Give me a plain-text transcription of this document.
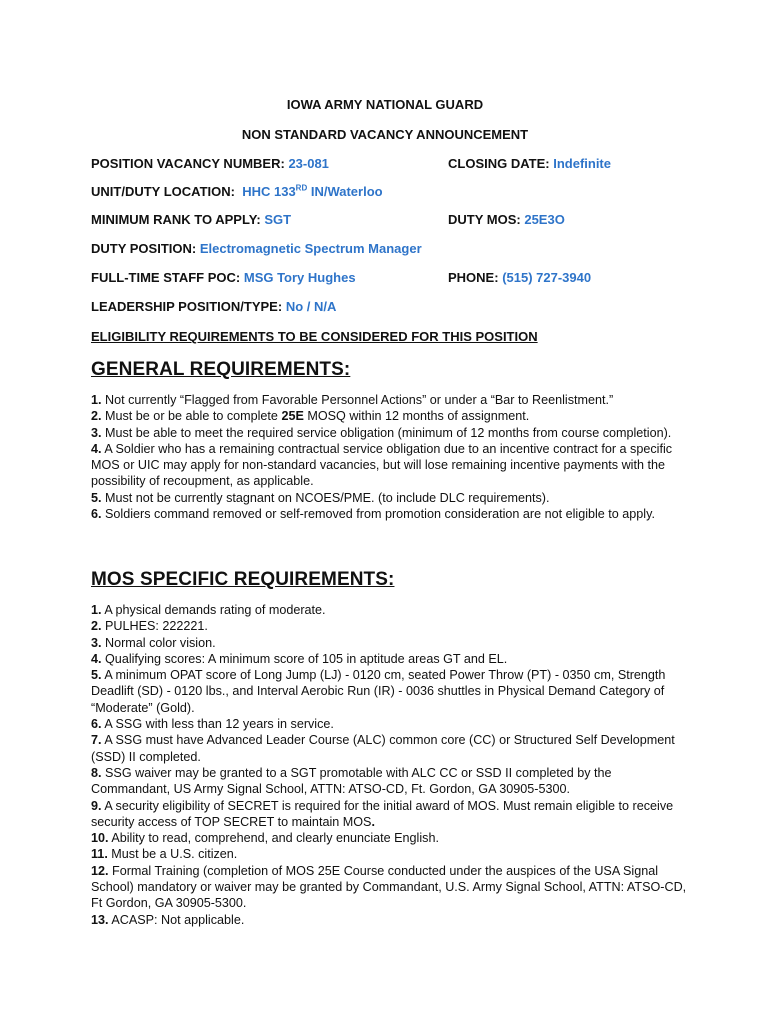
IOWA ARMY NATIONAL GUARD
NON STANDARD VACANCY ANNOUNCEMENT
POSITION VACANCY NUMBER: 23-081	CLOSING DATE: Indefinite
UNIT/DUTY LOCATION: HHC 133RD IN/Waterloo
MINIMUM RANK TO APPLY: SGT	DUTY MOS: 25E3O
DUTY POSITION: Electromagnetic Spectrum Manager
FULL-TIME STAFF POC: MSG Tory Hughes	PHONE: (515) 727-3940
LEADERSHIP POSITION/TYPE: No / N/A
ELIGIBILITY REQUIREMENTS TO BE CONSIDERED FOR THIS POSITION
GENERAL REQUIREMENTS:

1. Not currently “Flagged from Favorable Personnel Actions” or under a “Bar to Reenlistment.”

2. Must be or be able to complete 25E MOSQ within 12 months of assignment.

3. Must be able to meet the required service obligation (minimum of 12 months from course completion).

4. A Soldier who has a remaining contractual service obligation due to an incentive contract for a specific MOS or UIC may apply for non-standard vacancies, but will lose remaining incentive payments with the possibility of recoupment, as applicable.

5. Must not be currently stagnant on NCOES/PME. (to include DLC requirements).

6. Soldiers command removed or self-removed from promotion consideration are not eligible to apply.

MOS SPECIFIC REQUIREMENTS:

1. A physical demands rating of moderate.

2. PULHES: 222221.

3. Normal color vision.

4. Qualifying scores: A minimum score of 105 in aptitude areas GT and EL.

5. A minimum OPAT score of Long Jump (LJ) - 0120 cm, seated Power Throw (PT) - 0350 cm, Strength Deadlift (SD) - 0120 lbs., and Interval Aerobic Run (IR) - 0036 shuttles in Physical Demand Category of “Moderate” (Gold).

6. A SSG with less than 12 years in service.

7. A SSG must have Advanced Leader Course (ALC) common core (CC) or Structured Self Development (SSD) II completed.

8. SSG waiver may be granted to a SGT promotable with ALC CC or SSD II completed by the Commandant, US Army Signal School, ATTN: ATSO-CD, Ft. Gordon, GA 30905-5300.

9. A security eligibility of SECRET is required for the initial award of MOS. Must remain eligible to receive security access of TOP SECRET to maintain MOS.

10. Ability to read, comprehend, and clearly enunciate English.

11. Must be a U.S. citizen.

12. Formal Training (completion of MOS 25E Course conducted under the auspices of the USA Signal School) mandatory or waiver may be granted by Commandant, U.S. Army Signal School, ATTN: ATSO-CD, Ft Gordon, GA 30905-5300.

13. ACASP: Not applicable.
